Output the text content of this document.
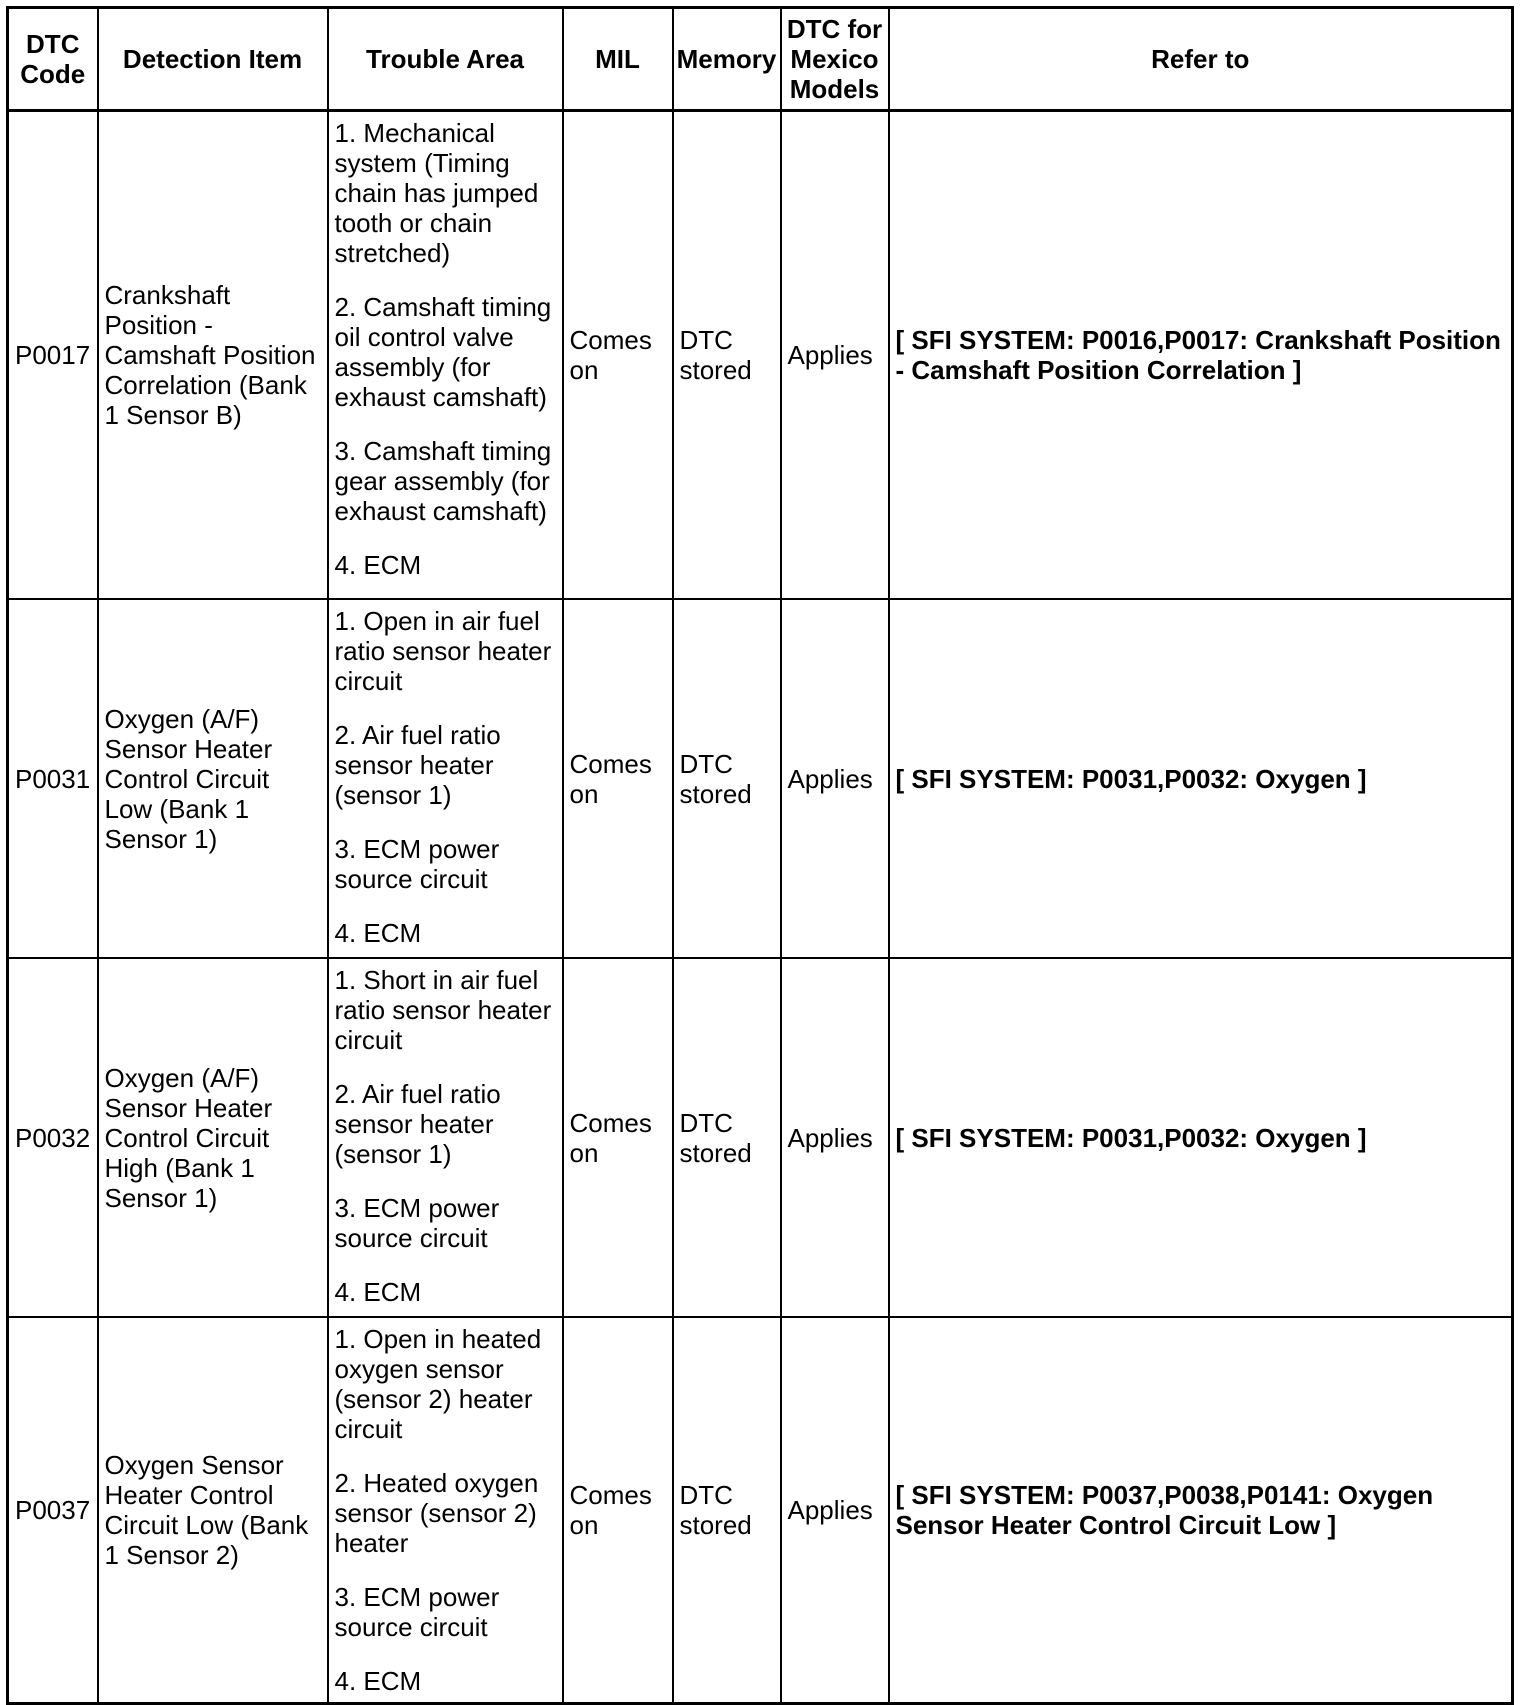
DTC Code	Detection Item	Trouble Area	MIL	Memory	DTC for Mexico Models	Refer to
P0017	Crankshaft Position - Camshaft Position Correlation (Bank 1 Sensor B)	1. Mechanical system (Timing chain has jumped tooth or chain stretched)
2. Camshaft timing oil control valve assembly (for exhaust camshaft)
3. Camshaft timing gear assembly (for exhaust camshaft)
4. ECM	Comes on	DTC stored	Applies	[ SFI SYSTEM: P0016,P0017: Crankshaft Position - Camshaft Position Correlation ]
P0031	Oxygen (A/F) Sensor Heater Control Circuit Low (Bank 1 Sensor 1)	1. Open in air fuel ratio sensor heater circuit
2. Air fuel ratio sensor heater (sensor 1)
3. ECM power source circuit
4. ECM	Comes on	DTC stored	Applies	[ SFI SYSTEM: P0031,P0032: Oxygen ]
P0032	Oxygen (A/F) Sensor Heater Control Circuit High (Bank 1 Sensor 1)	1. Short in air fuel ratio sensor heater circuit
2. Air fuel ratio sensor heater (sensor 1)
3. ECM power source circuit
4. ECM	Comes on	DTC stored	Applies	[ SFI SYSTEM: P0031,P0032: Oxygen ]
P0037	Oxygen Sensor Heater Control Circuit Low (Bank 1 Sensor 2)	1. Open in heated oxygen sensor (sensor 2) heater circuit
2. Heated oxygen sensor (sensor 2) heater
3. ECM power source circuit
4. ECM	Comes on	DTC stored	Applies	[ SFI SYSTEM: P0037,P0038,P0141: Oxygen Sensor Heater Control Circuit Low ]
